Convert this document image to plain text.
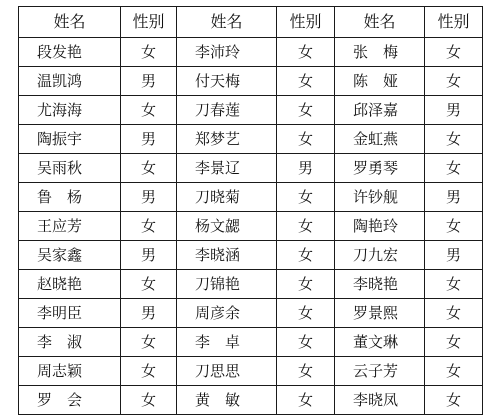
姓名	性别	姓名	性别	姓名	性别
段发艳	女	李沛玲	女	张　梅	女
温凯鸿	男	付天梅	女	陈　娅	女
尤海海	女	刀春莲	女	邱泽嘉	男
陶振宇	男	郑梦艺	女	金虹燕	女
吴雨秋	女	李景辽	男	罗勇琴	女
鲁　杨	男	刀晓菊	女	许钞舰	男
王应芳	女	杨文勰	女	陶艳玲	女
吴家鑫	男	李晓涵	女	刀九宏	男
赵晓艳	女	刀锦艳	女	李晓艳	女
李明臣	男	周彦余	女	罗景熙	女
李　淑	女	李　卓	女	董文琳	女
周志颖	女	刀思思	女	云子芳	女
罗　会	女	黄　敏	女	李晓凤	女
